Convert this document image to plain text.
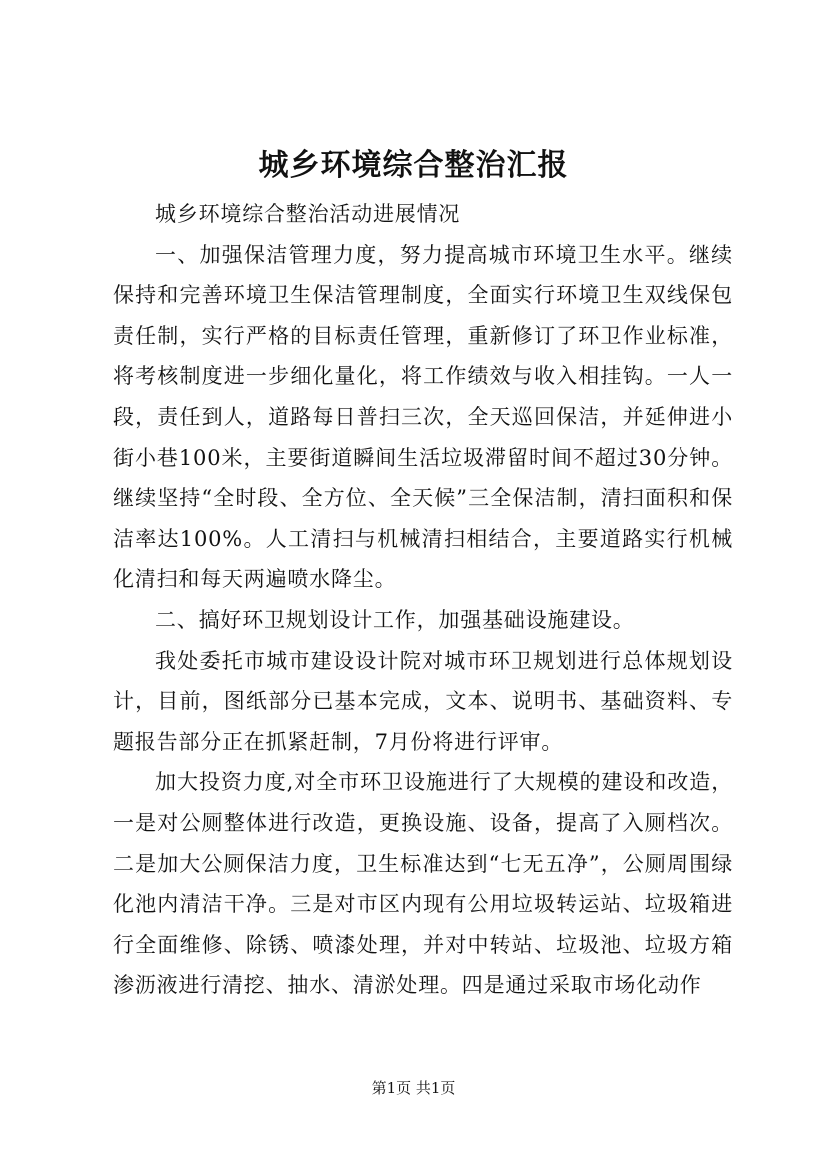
城乡环境综合整治汇报

城乡环境综合整治活动进展情况

一、加强保洁管理力度，努力提高城市环境卫生水平。继续保持和完善环境卫生保洁管理制度，全面实行环境卫生双线保包责任制，实行严格的目标责任管理，重新修订了环卫作业标准，将考核制度进一步细化量化，将工作绩效与收入相挂钩。一人一段，责任到人，道路每日普扫三次，全天巡回保洁，并延伸进小街小巷100米，主要街道瞬间生活垃圾滞留时间不超过30分钟。继续坚持“全时段、全方位、全天候”三全保洁制，清扫面积和保洁率达100%。人工清扫与机械清扫相结合，主要道路实行机械化清扫和每天两遍喷水降尘。

二、搞好环卫规划设计工作，加强基础设施建设。

我处委托市城市建设设计院对城市环卫规划进行总体规划设计，目前，图纸部分已基本完成，文本、说明书、基础资料、专题报告部分正在抓紧赶制，7月份将进行评审。

加大投资力度,对全市环卫设施进行了大规模的建设和改造，一是对公厕整体进行改造，更换设施、设备，提高了入厕档次。二是加大公厕保洁力度，卫生标准达到“七无五净”，公厕周围绿化池内清洁干净。三是对市区内现有公用垃圾转运站、垃圾箱进行全面维修、除锈、喷漆处理，并对中转站、垃圾池、垃圾方箱渗沥液进行清挖、抽水、清淤处理。四是通过采取市场化动作

第1页 共1页
